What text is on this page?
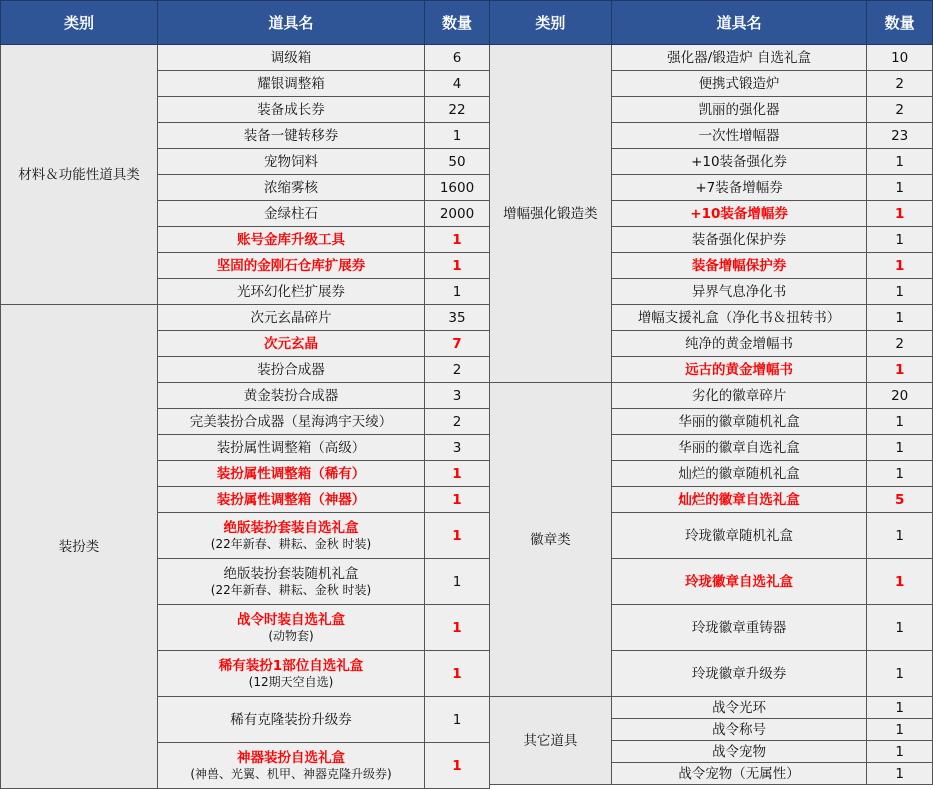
类别	道具名	数量
材料＆功能性道具类	调级箱	6

	耀银调整箱	4

	装备成长券	22

	装备一键转移券	1

	宠物饲料	50

	浓缩雾核	1600

	金绿柱石	2000

	账号金库升级工具	1

	坚固的金刚石仓库扩展券	1

	光环幻化栏扩展券	1
装扮类	次元玄晶碎片	35

	次元玄晶	7

	装扮合成器	2

	黄金装扮合成器	3

	完美装扮合成器（星海鸿宇天绫）	2

	装扮属性调整箱（高级）	3

	装扮属性调整箱（稀有）	1

	装扮属性调整箱（神器）	1

	绝版装扮套装自选礼盒
(22年新春、耕耘、金秋 时装)	1

	绝版装扮套装随机礼盒
(22年新春、耕耘、金秋 时装)	1

	战令时装自选礼盒
(动物套)	1

	稀有装扮1部位自选礼盒
(12期天空自选)	1

	稀有克隆装扮升级券	1

	神器装扮自选礼盒
(神兽、光翼、机甲、神器克隆升级券)	1
类别	道具名	数量
增幅强化锻造类	强化器/锻造炉 自选礼盒	10

	便携式锻造炉	2

	凯丽的强化器	2

	一次性增幅器	23

	+10装备强化券	1

	+7装备增幅券	1

	+10装备增幅券	1

	装备强化保护券	1

	装备增幅保护券	1

	异界气息净化书	1

	增幅支援礼盒（净化书＆扭转书）	1

	纯净的黄金增幅书	2

	远古的黄金增幅书	1
徽章类	劣化的徽章碎片	20

	华丽的徽章随机礼盒	1

	华丽的徽章自选礼盒	1

	灿烂的徽章随机礼盒	1

	灿烂的徽章自选礼盒	5

	玲珑徽章随机礼盒	1

	玲珑徽章自选礼盒	1

	玲珑徽章重铸器	1

	玲珑徽章升级券	1
其它道具	战令光环	1

	战令称号	1

	战令宠物	1

	战令宠物（无属性）	1
